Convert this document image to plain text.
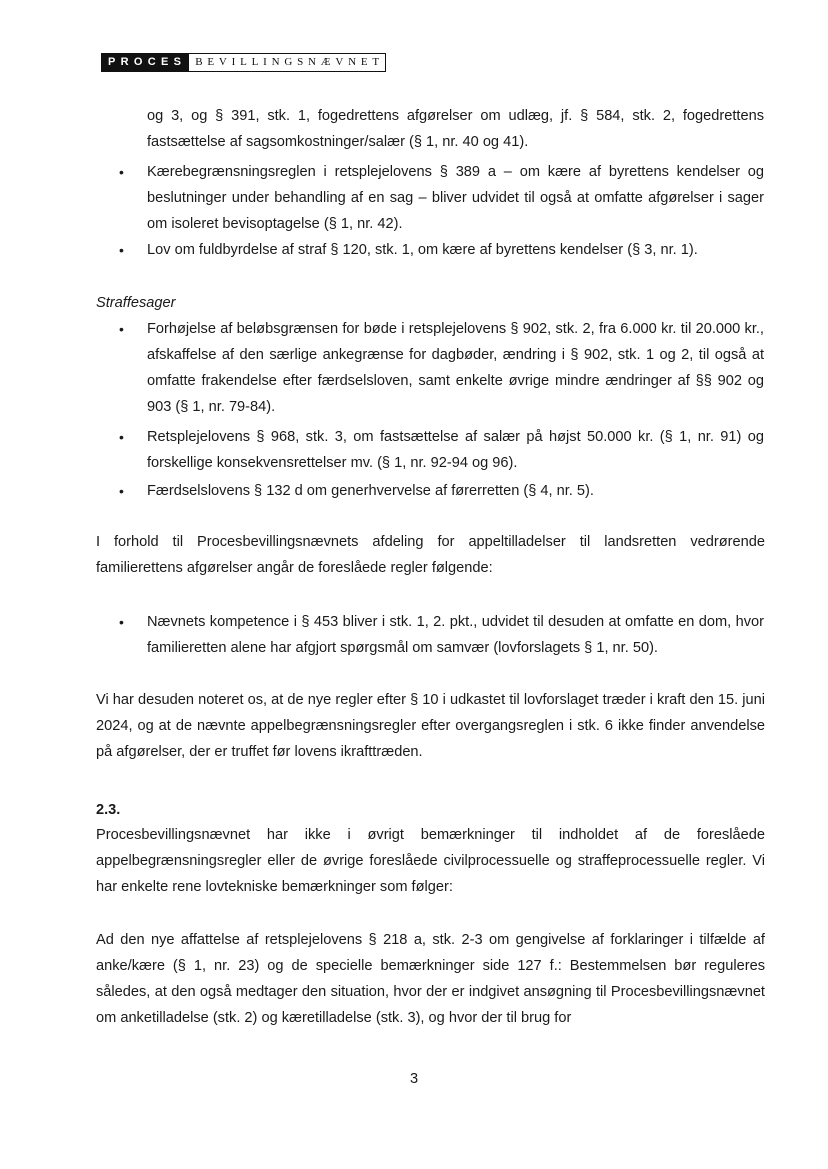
PROCES BEVILLINGSNÆVNET
og 3, og § 391, stk. 1, fogedrettens afgørelser om udlæg, jf. § 584, stk. 2, fogedrettens fastsættelse af sagsomkostninger/salær (§ 1, nr. 40 og 41).
• Kærebegrænsningsreglen i retsplejelovens § 389 a – om kære af byrettens kendelser og beslutninger under behandling af en sag – bliver udvidet til også at omfatte afgørelser i sager om isoleret bevisoptagelse (§ 1, nr. 42).
• Lov om fuldbyrdelse af straf § 120, stk. 1, om kære af byrettens kendelser (§ 3, nr. 1).
Straffesager
• Forhøjelse af beløbsgrænsen for bøde i retsplejelovens § 902, stk. 2, fra 6.000 kr. til 20.000 kr., afskaffelse af den særlige ankegrænse for dagbøder, ændring i § 902, stk. 1 og 2, til også at omfatte frakendelse efter færdselsloven, samt enkelte øvrige mindre ændringer af §§ 902 og 903 (§ 1, nr. 79-84).
• Retsplejelovens § 968, stk. 3, om fastsættelse af salær på højst 50.000 kr. (§ 1, nr. 91) og forskellige konsekvensrettelser mv. (§ 1, nr. 92-94 og 96).
• Færdselslovens § 132 d om generhvervelse af førerretten (§ 4, nr. 5).
I forhold til Procesbevillingsnævnets afdeling for appeltilladelser til landsretten vedrørende familierettens afgørelser angår de foreslåede regler følgende:
• Nævnets kompetence i § 453 bliver i stk. 1, 2. pkt., udvidet til desuden at omfatte en dom, hvor familieretten alene har afgjort spørgsmål om samvær (lovforslagets § 1, nr. 50).
Vi har desuden noteret os, at de nye regler efter § 10 i udkastet til lovforslaget træder i kraft den 15. juni 2024, og at de nævnte appelbegrænsningsregler efter overgangsreglen i stk. 6 ikke finder anvendelse på afgørelser, der er truffet før lovens ikrafttræden.
2.3.
Procesbevillingsnævnet har ikke i øvrigt bemærkninger til indholdet af de foreslåede appelbegrænsningsregler eller de øvrige foreslåede civilprocessuelle og straffeprocessuelle regler. Vi har enkelte rene lovtekniske bemærkninger som følger:
Ad den nye affattelse af retsplejelovens § 218 a, stk. 2-3 om gengivelse af forklaringer i tilfælde af anke/kære (§ 1, nr. 23) og de specielle bemærkninger side 127 f.: Bestemmelsen bør reguleres således, at den også medtager den situation, hvor der er indgivet ansøgning til Procesbevillingsnævnet om anketilladelse (stk. 2) og kæretilladelse (stk. 3), og hvor der til brug for
3
